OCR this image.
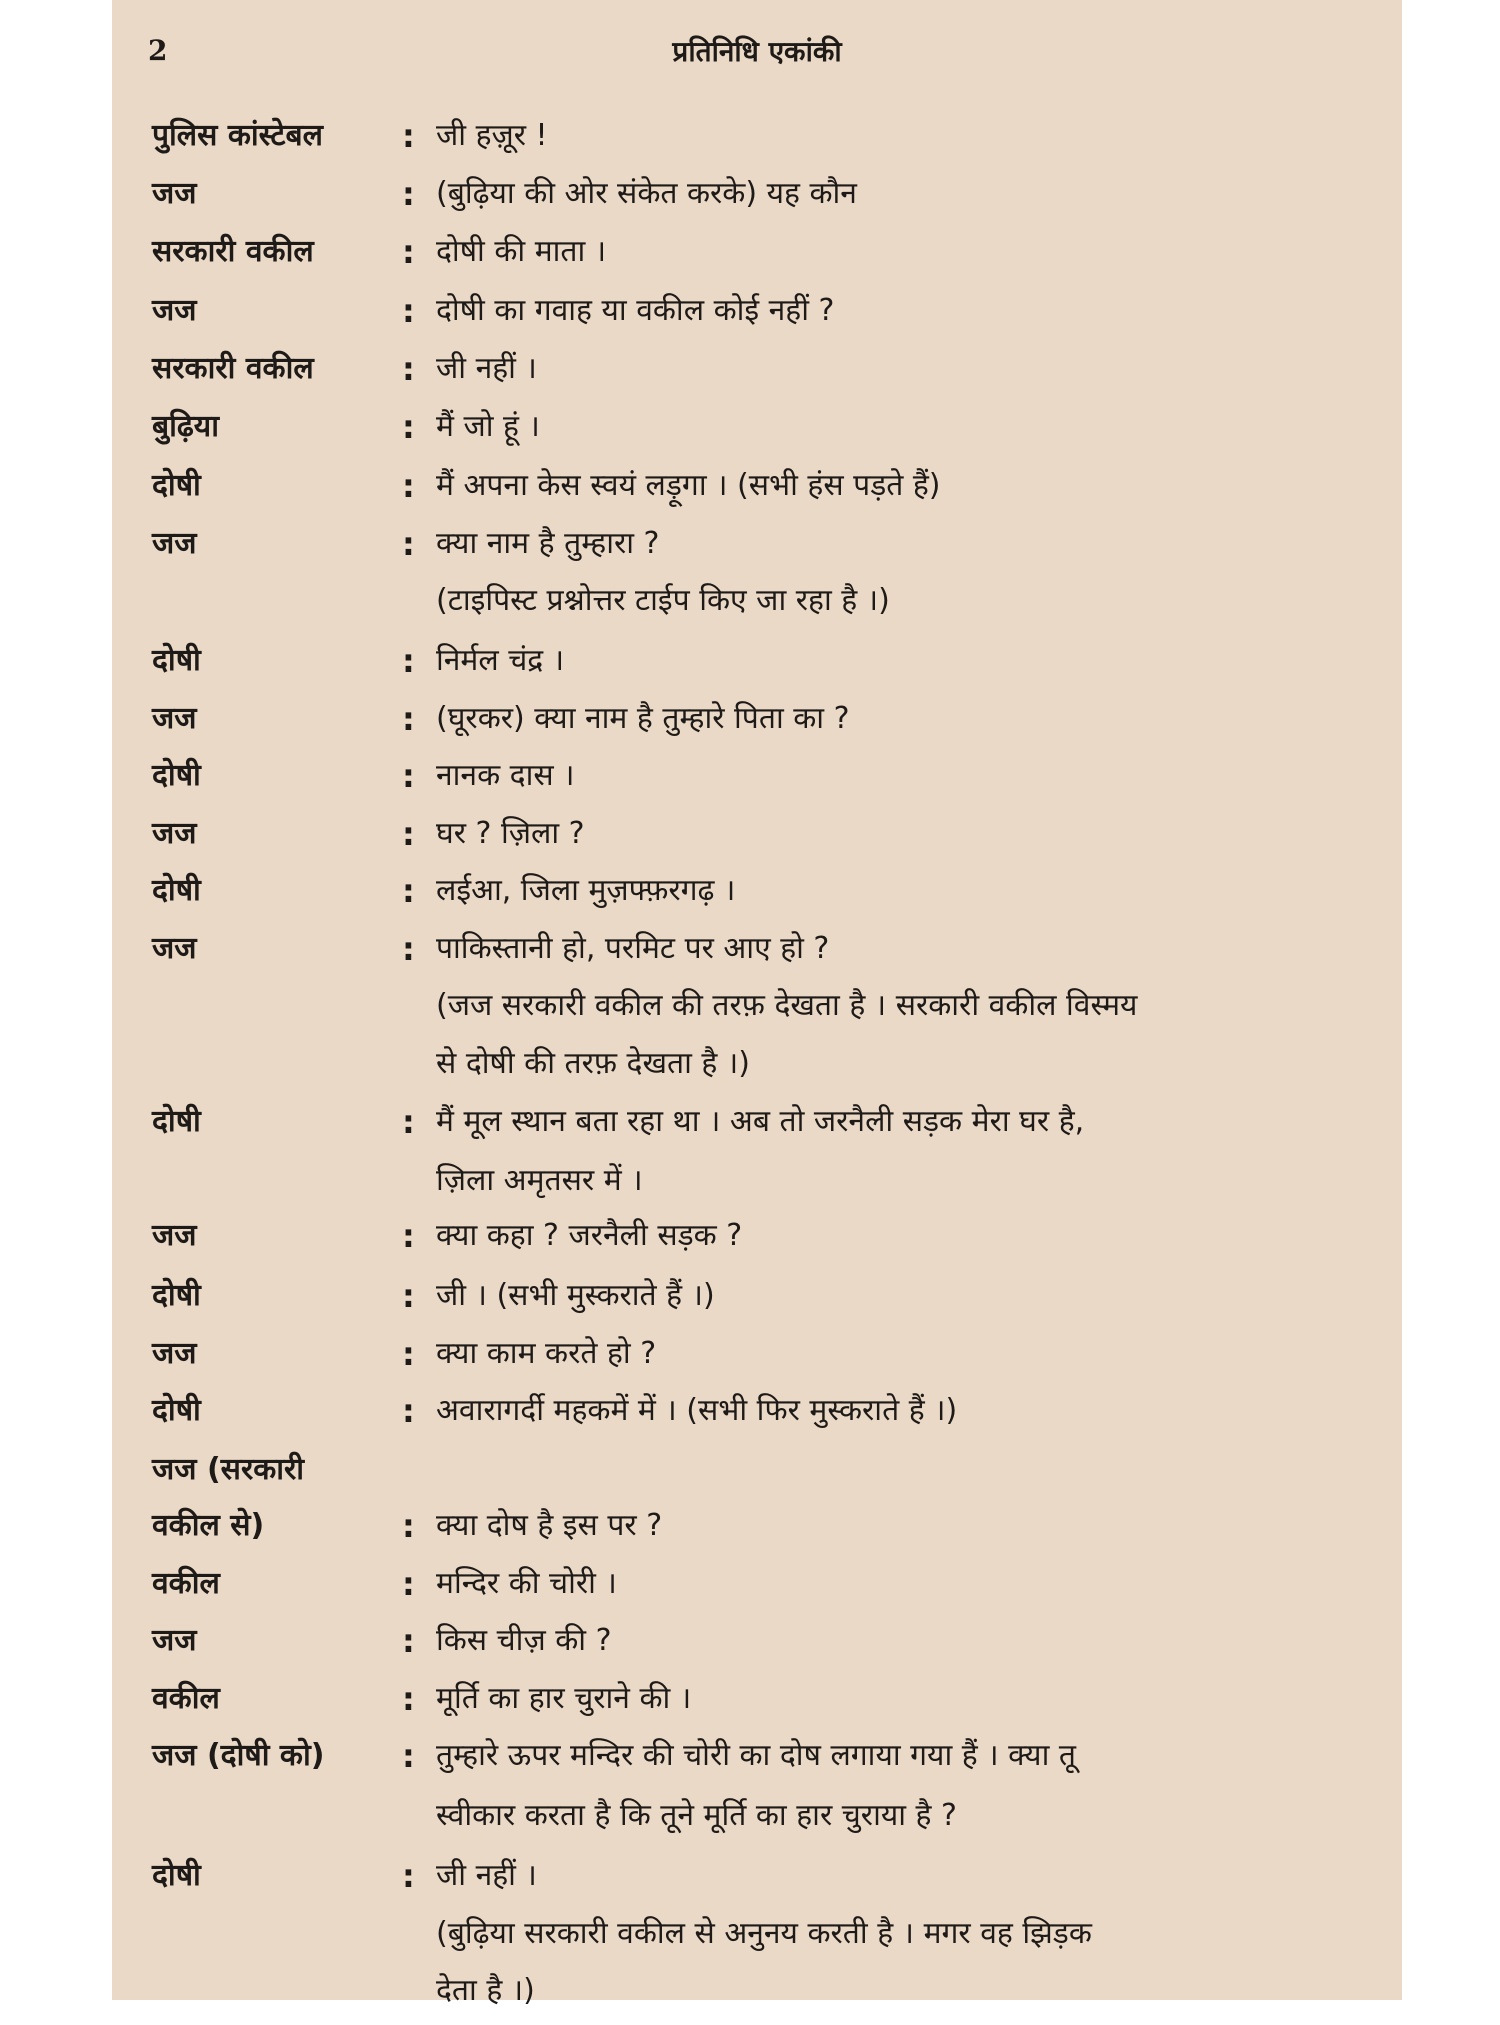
2	प्रतिनिधि एकांकी
पुलिस कांस्टेबल : जी हज़ूर !
जज	: (बुढ़िया की ओर संकेत करके) यह कौन
सरकारी वकील	: दोषी की माता ।
जज	: दोषी का गवाह या वकील कोई नहीं ?
सरकारी वकील	: जी नहीं ।
बुढ़िया	: मैं जो हूं ।
दोषी	: मैं अपना केस स्वयं लड़ूगा । (सभी हंस पड़ते हैं)
जज	: क्या नाम है तुम्हारा ?
(टाइपिस्ट प्रश्नोत्तर टाईप किए जा रहा है ।)
दोषी	: निर्मल चंद्र ।
जज	: (घूरकर) क्या नाम है तुम्हारे पिता का ?
दोषी	: नानक दास ।
जज	: घर ? ज़िला ?
दोषी	: लईआ, जिला मुज़फ्फ़रगढ़ ।
जज	: पाकिस्तानी हो, परमिट पर आए हो ?
(जज सरकारी वकील की तरफ़ देखता है । सरकारी वकील विस्मय
से दोषी की तरफ़ देखता है ।)
दोषी	: मैं मूल स्थान बता रहा था । अब तो जरनैली सड़क मेरा घर है,
ज़िला अमृतसर में ।
जज	: क्या कहा ? जरनैली सड़क ?
दोषी	: जी । (सभी मुस्कराते हैं ।)
जज	: क्या काम करते हो ?
दोषी	: अवारागर्दी महकमें में । (सभी फिर मुस्कराते हैं ।)
जज (सरकारी
वकील से)	: क्या दोष है इस पर ?
वकील	: मन्दिर की चोरी ।
जज	: किस चीज़ की ?
वकील	: मूर्ति का हार चुराने की ।
जज (दोषी को) : तुम्हारे ऊपर मन्दिर की चोरी का दोष लगाया गया हैं । क्या तू
स्वीकार करता है कि तूने मूर्ति का हार चुराया है ?
दोषी	: जी नहीं ।
(बुढ़िया सरकारी वकील से अनुनय करती है । मगर वह झिड़क
देता है ।)
